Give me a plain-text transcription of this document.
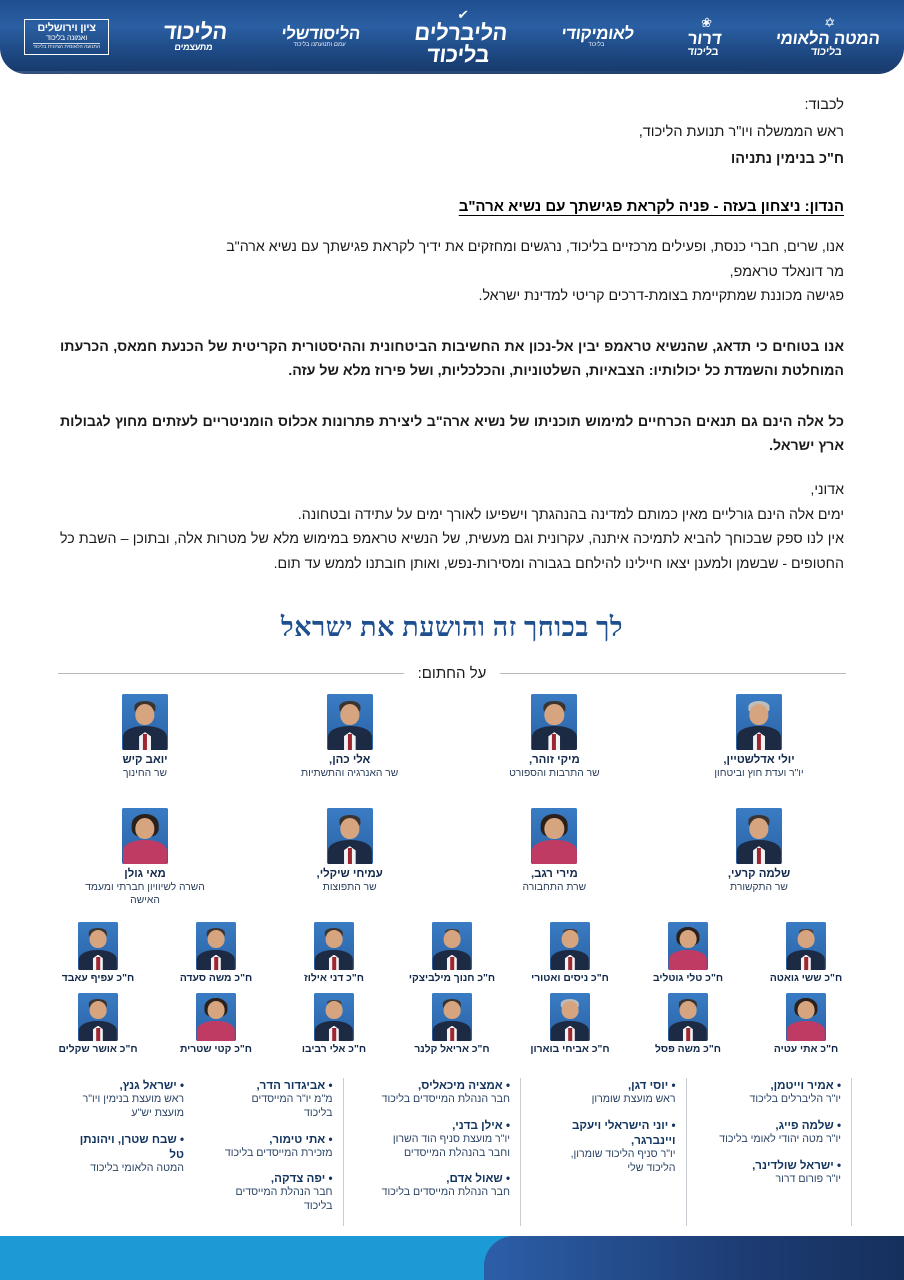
ציון וירושלים
ואמונה בליכוד
התנועה הלאומית הציונית בליכוד
הליכוד
מתעצמים
הליסודשלי
עמם ותנועתנו בליכוד
✔
הליברלים
בליכוד
לאומיקודי
בליכוד
❀
דרור
בליכוד
✡
המטה הלאומי
בליכוד
לכבוד:
ראש הממשלה ויו"ר תנועת הליכוד,
ח"כ בנימין נתניהו
הנדון: ניצחון בעזה - פניה לקראת פגישתך עם נשיא ארה"ב
אנו, שרים, חברי כנסת, ופעילים מרכזיים בליכוד, נרגשים ומחזקים את ידיך לקראת פגישתך עם נשיא ארה"ב
מר דונאלד טראמפ,
פגישה מכוננת שמתקיימת בצומת-דרכים קריטי למדינת ישראל.
אנו בטוחים כי תדאג, שהנשיא טראמפ יבין אל-נכון את החשיבות הביטחונית וההיסטורית הקריטית של הכנעת חמאס, הכרעתו המוחלטת והשמדת כל יכולותיו: הצבאיות, השלטוניות, והכלכליות, ושל פירוז מלא של עזה.
כל אלה הינם גם תנאים הכרחיים למימוש תוכניתו של נשיא ארה"ב ליצירת פתרונות אכלוס הומניטריים לעזתים מחוץ לגבולות ארץ ישראל.
אדוני,
ימים אלה הינם גורליים מאין כמותם למדינה בהנהגתך וישפיעו לאורך ימים על עתידה ובטחונה.
אין לנו ספק שבכוחך להביא לתמיכה איתנה, עקרונית וגם מעשית, של הנשיא טראמפ במימוש מלא של מטרות אלה, ובתוכן – השבת כל החטופים - שבשמן ולמענן יצאו חיילינו להילחם בגבורה ומסירות-נפש, ואותן חובתנו לממש עד תום.
לך בכוחך זה והושעת את ישראל
על החתום:
יואב קיש
שר החינוך
אלי כהן,
שר האנרגיה והתשתיות
מיקי זוהר,
שר התרבות והספורט
יולי אדלשטיין,
יו"ר ועדת חוץ וביטחון
מאי גולן
השרה לשיוויון חברתי ומעמד האישה
עמיחי שיקלי,
שר התפוצות
מירי רגב,
שרת התחבורה
שלמה קרעי,
שר התקשורת
ח"כ עפיף עאבד	ח"כ משה סעדה	ח"כ דני אילוז	ח"כ חנוך מילביצקי	ח"כ ניסים ואטורי	ח"כ טלי גוטליב	ח"כ ששי גואטה
ח"כ אושר שקלים	ח"כ קטי שטרית	ח"כ אלי רביבו	ח"כ אריאל קלנר	ח"כ אביחי בוארון	ח"כ משה פסל	ח"כ אתי עטיה
• ישראל גנץ,
ראש מועצת בנימין ויו"ר מועצת יש"ע
• שבח שטרן, ויהונתן טל
המטה הלאומי בליכוד
• אביגדור הדר,
מ"מ יו"ר המייסדים בליכוד
• אתי טימור,
מזכירת המייסדים בליכוד
• יפה צדקה,
חבר הנהלת המייסדים בליכוד
• אמציה מיכאליס,
חבר הנהלת המייסדים בליכוד
• אילן בדני,
יו"ר מועצת סניף הוד השרון וחבר בהנהלת המייסדים
• שאול אדם,
חבר הנהלת המייסדים בליכוד
• יוסי דגן,
ראש מועצת שומרון
• יוני הישראלי ויעקב ויינברגר,
יו"ר סניף הליכוד שומרון, הליכוד שלי
• אמיר וייטמן,
יו"ר הליברלים בליכוד
• שלמה פייג,
יו"ר מטה יהודי לאומי בליכוד
• ישראל שולדינר,
יו"ר פורום דרור
